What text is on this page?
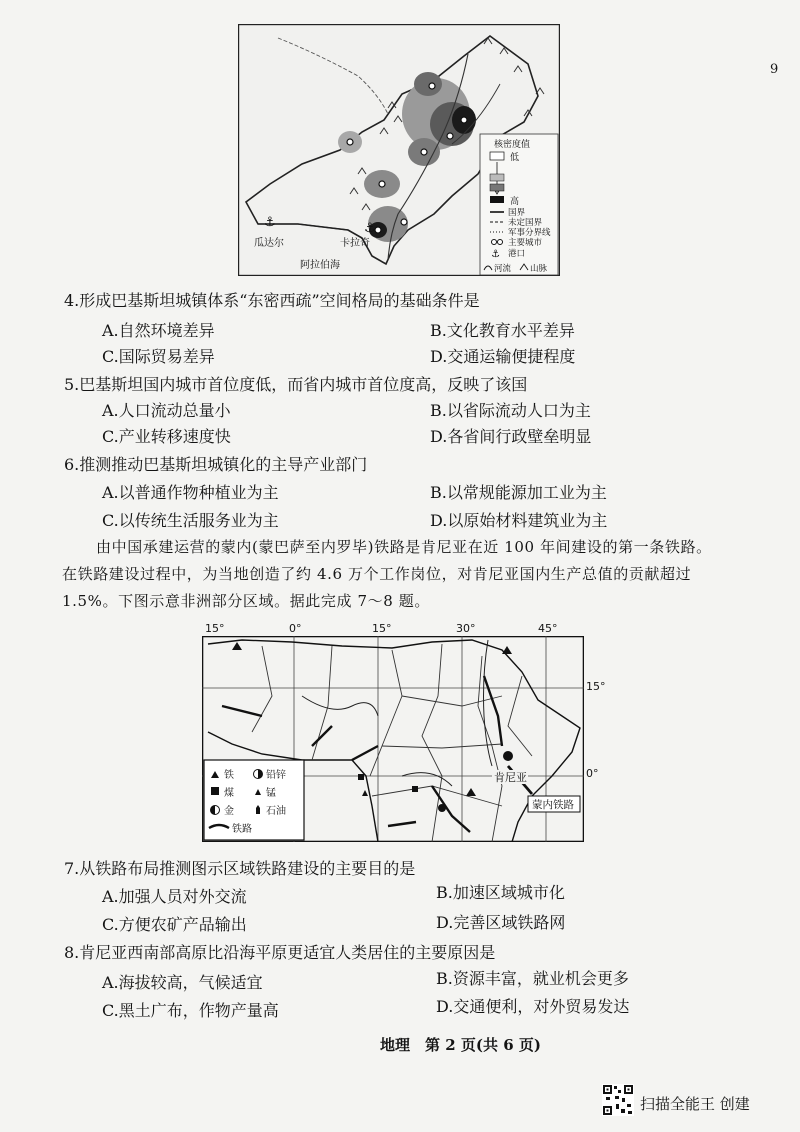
9
⚓	⚓
瓜达尔	卡拉奇
阿拉伯海
核密度值
低
高
国界
未定国界
军事分界线
主要城市
⚓ 港口
河流 山脉
4.形成巴基斯坦城镇体系“东密西疏”空间格局的基础条件是
A.自然环境差异	B.文化教育水平差异
C.国际贸易差异	D.交通运输便捷程度
5.巴基斯坦国内城市首位度低，而省内城市首位度高，反映了该国
A.人口流动总量小	B.以省际流动人口为主
C.产业转移速度快	D.各省间行政壁垒明显
6.推测推动巴基斯坦城镇化的主导产业部门
A.以普通作物种植业为主	B.以常规能源加工业为主
C.以传统生活服务业为主	D.以原始材料建筑业为主
由中国承建运营的蒙内(蒙巴萨至内罗毕)铁路是肯尼亚在近 100 年间建设的第一条铁路。
在铁路建设过程中，为当地创造了约 4.6 万个工作岗位，对肯尼亚国内生产总值的贡献超过
1.5%。下图示意非洲部分区域。据此完成 7～8 题。
15°	0°	15°	30°	45°
15°
0°
肯尼亚
蒙内铁路
铁	铅锌
煤	锰
金	石油
铁路
7.从铁路布局推测图示区域铁路建设的主要目的是
A.加强人员对外交流	B.加速区域城市化
C.方便农矿产品输出	D.完善区域铁路网
8.肯尼亚西南部高原比沿海平原更适宜人类居住的主要原因是
A.海拔较高，气候适宜	B.资源丰富，就业机会更多
C.黑土广布，作物产量高	D.交通便利，对外贸易发达
地理　第 2 页(共 6 页)
扫描全能王 创建
